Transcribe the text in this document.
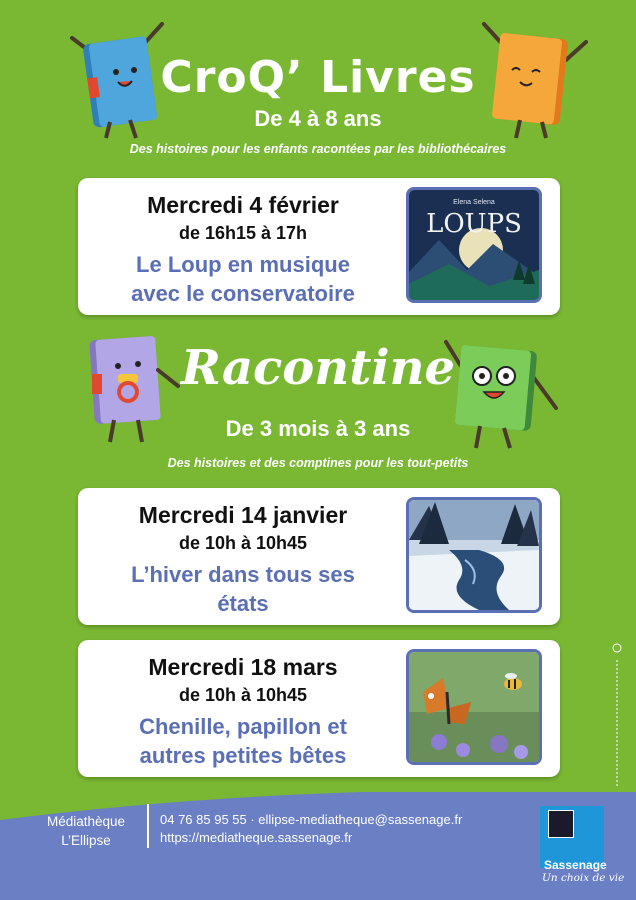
CroQ’ Livres
De 4 à 8 ans
Des histoires pour les enfants racontées par les bibliothécaires
Mercredi 4 février
de 16h15 à 17h
Le Loup en musique
avec le conservatoire
Elena Selena
LOUPS
Racontine
De 3 mois à 3 ans
Des histoires et des comptines pour les tout-petits
Mercredi 14 janvier
de 10h à 10h45
L’hiver dans tous ses
états
Mercredi 18 mars
de 10h à 10h45
Chenille, papillon et
autres petites bêtes
Médiathèque
L’Ellipse
04 76 85 95 55 · ellipse-mediatheque@sassenage.fr
https://mediatheque.sassenage.fr
Sassenage
Un choix de vie
